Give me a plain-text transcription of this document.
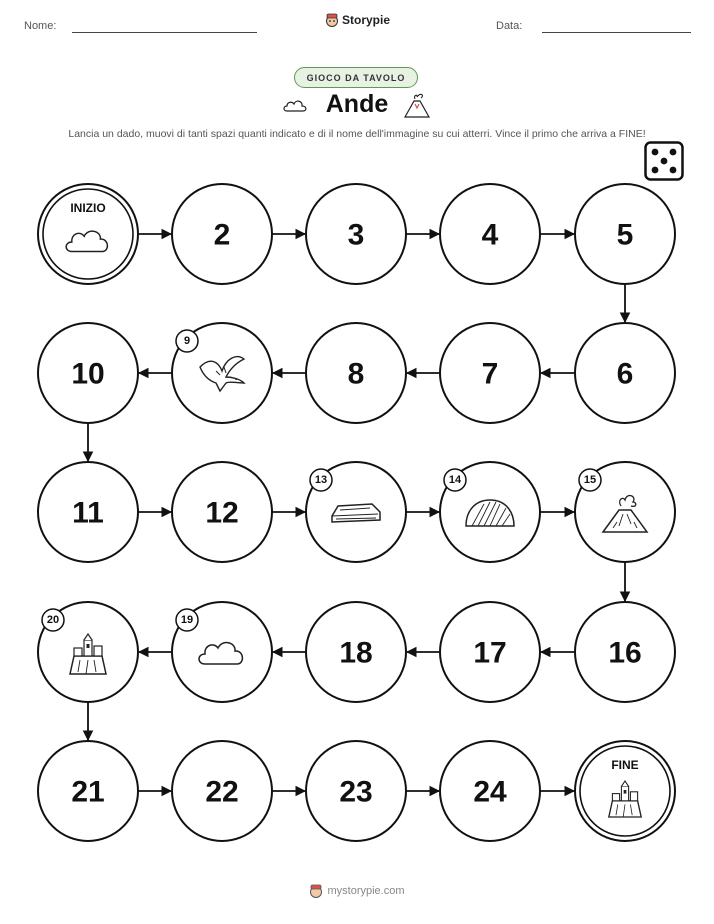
Nome:	Storypie	Data:
GIOCO DA TAVOLO
Ande
Lancia un dado, muovi di tanti spazi quanti indicato e di il nome dell'immagine su cui atterri. Vince il primo che arriva a FINE!
INIZIO
2	3	4	5
6
7
8
9
10
11	12
13	14	15
16
17
18
19
20
21	22	23	24
FINE
mystorypie.com
